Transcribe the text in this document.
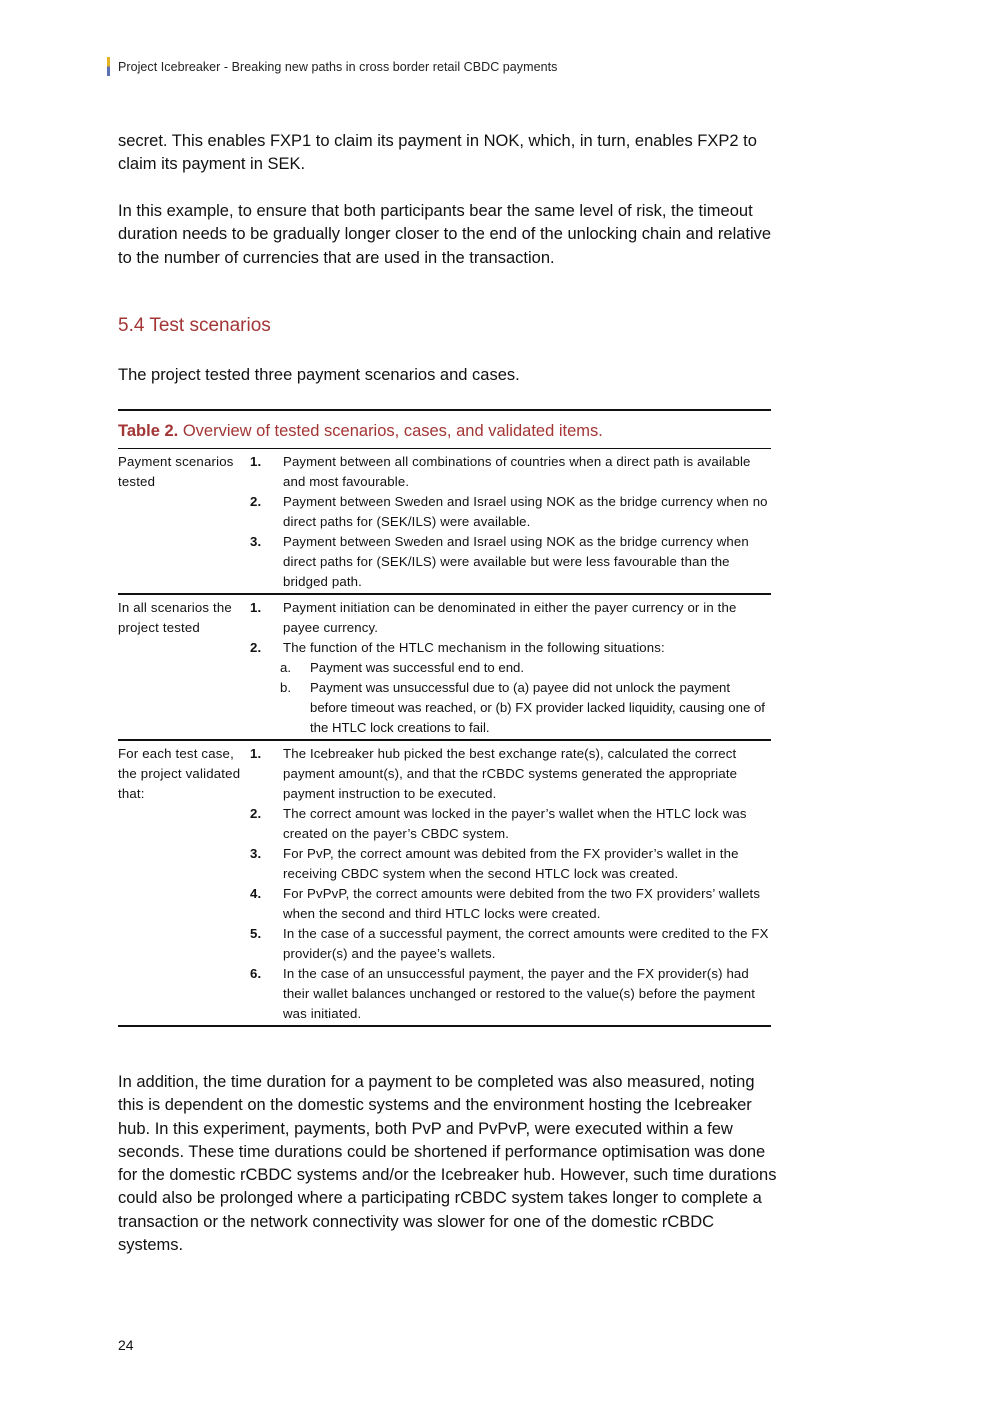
Project Icebreaker - Breaking new paths in cross border retail CBDC payments

secret. This enables FXP1 to claim its payment in NOK, which, in turn, enables FXP2 to claim its payment in SEK.

In this example, to ensure that both participants bear the same level of risk, the timeout duration needs to be gradually longer closer to the end of the unlocking chain and relative to the number of currencies that are used in the transaction.

5.4 Test scenarios

The project tested three payment scenarios and cases.

Table 2. Overview of tested scenarios, cases, and validated items.
Payment scenarios tested
1.	Payment between all combinations of countries when a direct path is available and most favourable.
2.	Payment between Sweden and Israel using NOK as the bridge currency when no direct paths for (SEK/ILS) were available.
3.	Payment between Sweden and Israel using NOK as the bridge currency when direct paths for (SEK/ILS) were available but were less favourable than the bridged path.
In all scenarios the project tested
1.	Payment initiation can be denominated in either the payer currency or in the payee currency.
2.	The function of the HTLC mechanism in the following situations:
a.	Payment was successful end to end.
b.	Payment was unsuccessful due to (a) payee did not unlock the payment before timeout was reached, or (b) FX provider lacked liquidity, causing one of the HTLC lock creations to fail.
For each test case, the project validated that:
1.	The Icebreaker hub picked the best exchange rate(s), calculated the correct payment amount(s), and that the rCBDC systems generated the appropriate payment instruction to be executed.
2.	The correct amount was locked in the payer’s wallet when the HTLC lock was created on the payer’s CBDC system.
3.	For PvP, the correct amount was debited from the FX provider’s wallet in the receiving CBDC system when the second HTLC lock was created.
4.	For PvPvP, the correct amounts were debited from the two FX providers’ wallets when the second and third HTLC locks were created.
5.	In the case of a successful payment, the correct amounts were credited to the FX provider(s) and the payee’s wallets.
6.	In the case of an unsuccessful payment, the payer and the FX provider(s) had their wallet balances unchanged or restored to the value(s) before the payment was initiated.

In addition, the time duration for a payment to be completed was also measured, noting this is dependent on the domestic systems and the environment hosting the Icebreaker hub. In this experiment, payments, both PvP and PvPvP, were executed within a few seconds. These time durations could be shortened if performance optimisation was done for the domestic rCBDC systems and/or the Icebreaker hub. However, such time durations could also be prolonged where a participating rCBDC system takes longer to complete a transaction or the network connectivity was slower for one of the domestic rCBDC systems.

24
